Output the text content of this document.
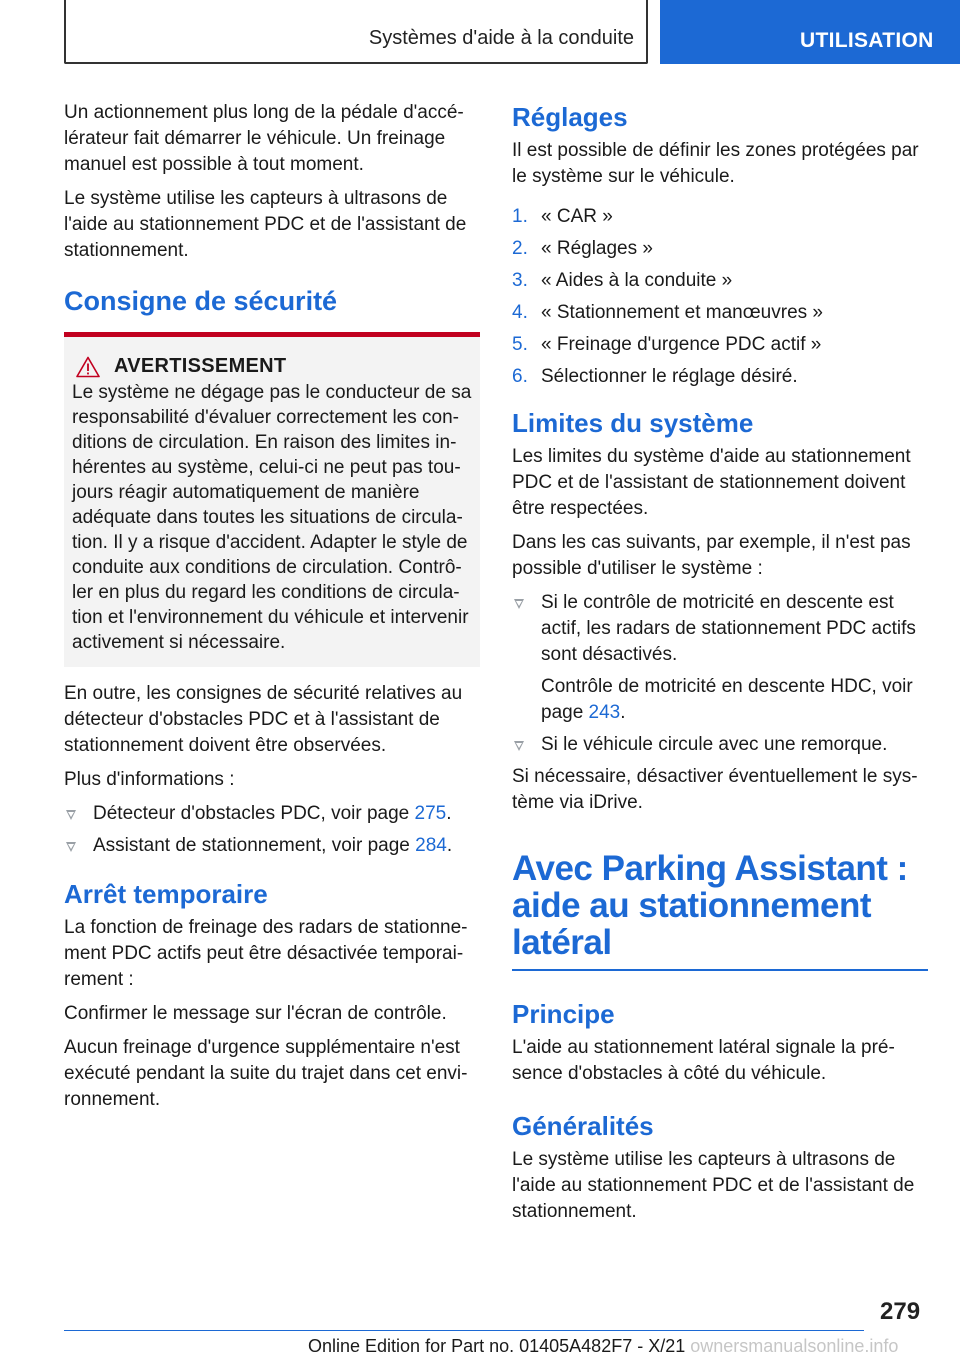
Systèmes d'aide à la conduite	UTILISATION

Un actionnement plus long de la pédale d'accé- lérateur fait démarrer le véhicule. Un freinage manuel est possible à tout moment.

Le système utilise les capteurs à ultrasons de l'aide au stationnement PDC et de l'assistant de stationnement.

Consigne de sécurité
AVERTISSEMENT

Le système ne dégage pas le conducteur de sa responsabilité d'évaluer correctement les con- ditions de circulation. En raison des limites in- hérentes au système, celui-ci ne peut pas tou- jours réagir automatiquement de manière adéquate dans toutes les situations de circula- tion. Il y a risque d'accident. Adapter le style de conduite aux conditions de circulation. Contrô- ler en plus du regard les conditions de circula- tion et l'environnement du véhicule et intervenir activement si nécessaire.

En outre, les consignes de sécurité relatives au détecteur d'obstacles PDC et à l'assistant de stationnement doivent être observées.

Plus d'informations :

Détecteur d'obstacles PDC, voir page 275.
Assistant de stationnement, voir page 284.
Arrêt temporaire

La fonction de freinage des radars de stationne- ment PDC actifs peut être désactivée temporai- rement :

Confirmer le message sur l'écran de contrôle.

Aucun freinage d'urgence supplémentaire n'est exécuté pendant la suite du trajet dans cet envi- ronnement.

Réglages

Il est possible de définir les zones protégées par le système sur le véhicule.

1. « CAR »
2. « Réglages »
3. « Aides à la conduite »
4. « Stationnement et manœuvres »
5. « Freinage d'urgence PDC actif »
6. Sélectionner le réglage désiré.
Limites du système

Les limites du système d'aide au stationnement PDC et de l'assistant de stationnement doivent être respectées.

Dans les cas suivants, par exemple, il n'est pas possible d'utiliser le système :

Si le contrôle de motricité en descente est actif, les radars de stationnement PDC actifs sont désactivés.

Contrôle de motricité en descente HDC, voir page 243.

Si le véhicule circule avec une remorque.

Si nécessaire, désactiver éventuellement le sys- tème via iDrive.

Avec Parking Assistant : aide au stationnement latéral
Principe

L'aide au stationnement latéral signale la pré- sence d'obstacles à côté du véhicule.

Généralités

Le système utilise les capteurs à ultrasons de l'aide au stationnement PDC et de l'assistant de stationnement.

279
Online Edition for Part no. 01405A482F7 - X/21 ownersmanualsonline.info
